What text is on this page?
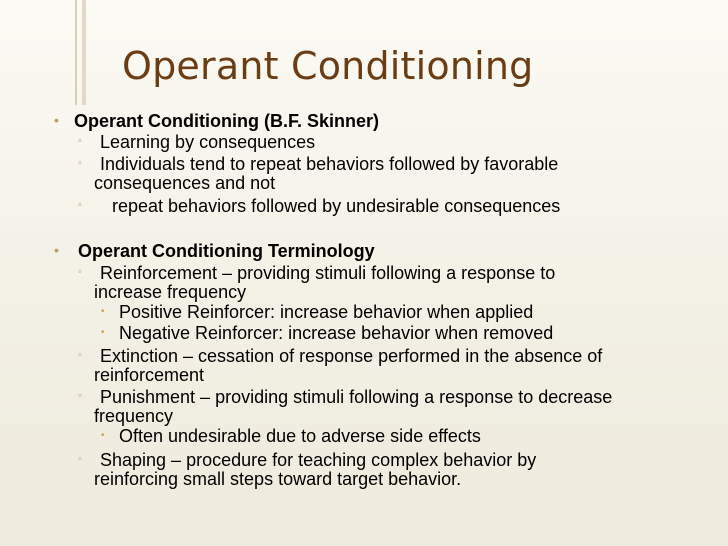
Operant Conditioning
• Operant Conditioning (B.F. Skinner)
◦ Learning by consequences
◦ Individuals tend to repeat behaviors followed by favorable
consequences and not
◦ repeat behaviors followed by undesirable consequences
• Operant Conditioning Terminology
◦ Reinforcement – providing stimuli following a response to
increase frequency
• Positive Reinforcer: increase behavior when applied
• Negative Reinforcer: increase behavior when removed
◦ Extinction – cessation of response performed in the absence of
reinforcement
◦ Punishment – providing stimuli following a response to decrease
frequency
• Often undesirable due to adverse side effects
◦ Shaping – procedure for teaching complex behavior by
reinforcing small steps toward target behavior.
